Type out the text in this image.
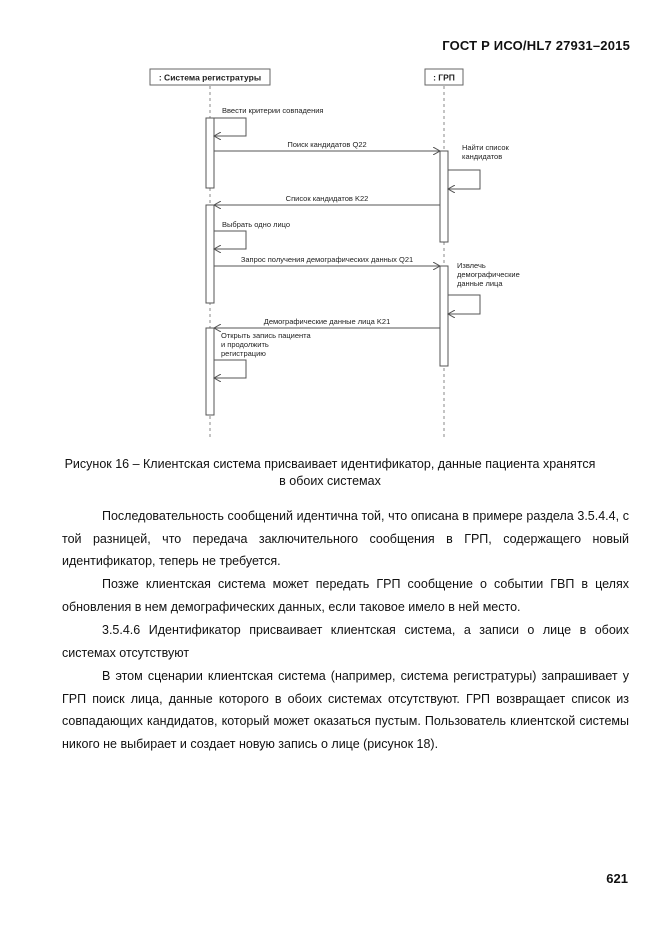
ГОСТ Р ИСО/HL7 27931–2015
: Система регистратуры	: ГРП
Ввести критерии совпадения
Поиск кандидатов Q22	Найти список кандидатов
Список кандидатов K22
Выбрать одно лицо
Запрос получения демографических данных Q21
Извлечь демографические данные лица
Демографические данные лица K21
Открыть запись пациента и продолжить регистрацию
Рисунок 16 – Клиентская система присваивает идентификатор, данные пациента хранятся
в обоих системах
Последовательность сообщений идентична той, что описана в примере раздела 3.5.4.4, с той разницей, что передача заключительного сообщения в ГРП, содержащего новый идентификатор, теперь не требуется.
Позже клиентская система может передать ГРП сообщение о событии ГВП в целях обновления в нем демографических данных, если таковое имело в ней место.
3.5.4.6 Идентификатор присваивает клиентская система, а записи о лице в обоих системах отсутствуют
В этом сценарии клиентская система (например, система регистратуры) запрашивает у ГРП поиск лица, данные которого в обоих системах отсутствуют. ГРП возвращает список из совпадающих кандидатов, который может оказаться пустым. Пользователь клиентской системы никого не выбирает и создает новую запись о лице (рисунок 18).
621
